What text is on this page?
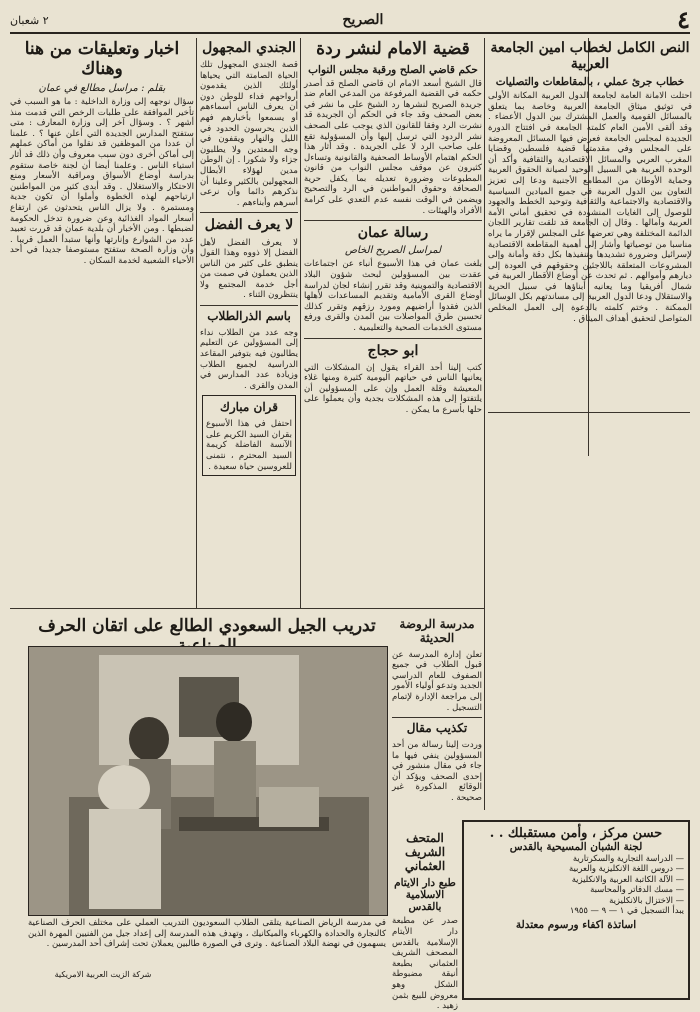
٤
الصريح
٢ شعبان
النص الكامل لخطاب امين الجامعة العربية
خطاب جرئ عملي ، بالمقاطعات والتصليات
احتلت الامانة العامة لجامعة الدول العربية المكانة الأولى في توثيق ميثاق الجامعة العربية وخاصة بما يتعلق بالمسائل القومية والعمل المشترك بين الدول الأعضاء . وقد ألقى الأمين العام كلمته الجامعة في افتتاح الدورة الجديدة لمجلس الجامعة فعرض فيها المسائل المعروضة على المجلس وفي مقدمتها قضية فلسطين وقضايا المغرب العربي والمسائل الاقتصادية والثقافية وأكد أن الوحدة العربية هي السبيل الوحيد لصيانة الحقوق العربية وحماية الأوطان من المطامع الأجنبية ودعا إلى تعزيز التعاون بين الدول العربية في جميع الميادين السياسية والاقتصادية والاجتماعية والثقافية وتوحيد الخطط والجهود للوصول إلى الغايات المنشودة في تحقيق أماني الأمة العربية وآمالها . وقال إن الجامعة قد تلقت تقارير اللجان الدائمة المختلفة وهي تعرضها على المجلس لإقرار ما يراه مناسبا من توصياتها وأشار إلى أهمية المقاطعة الاقتصادية لإسرائيل وضرورة تشديدها وتنفيذها بكل دقة وأمانة وإلى المشروعات المتعلقة باللاجئين وحقوقهم في العودة إلى ديارهم وأموالهم . ثم تحدث عن أوضاع الأقطار العربية في شمال أفريقيا وما يعانيه أبناؤها في سبيل الحرية والاستقلال ودعا الدول العربية إلى مساندتهم بكل الوسائل الممكنة . وختم كلمته بالدعوة إلى العمل المخلص المتواصل لتحقيق أهداف الميثاق .
قضية الامام لنشر ردة
حكم قاضي الصلح ورقبة مجلس النواب
قال الشيخ أسعد الامام ان قاضي الصلح قد أصدر حكمه في القضية المرفوعة من المدعي العام ضد جريدة الصريح لنشرها رد الشيخ على ما نشر في بعض الصحف وقد جاء في الحكم أن الجريدة قد نشرت الرد وفقا للقانون الذي يوجب على الصحف نشر الردود التي ترسل إليها وأن المسؤولية تقع على صاحب الرد لا على الجريدة . وقد أثار هذا الحكم اهتمام الأوساط الصحفية والقانونية وتساءل كثيرون عن موقف مجلس النواب من قانون المطبوعات وضرورة تعديله بما يكفل حرية الصحافة وحقوق المواطنين في الرد والتصحيح ويضمن في الوقت نفسه عدم التعدي على كرامة الأفراد والهيئات .
رسالة عمان
لمراسل الصريح الخاص
بلغت عمان في هذا الأسبوع أنباء عن اجتماعات عقدت بين المسؤولين لبحث شؤون البلاد الاقتصادية والتموينية وقد تقرر إنشاء لجان لدراسة أوضاع القرى الأمامية وتقديم المساعدات لأهلها الذين فقدوا أراضيهم ومورد رزقهم وتقرر كذلك تحسين طرق المواصلات بين المدن والقرى ورفع مستوى الخدمات الصحية والتعليمية .
ابو حجاج
كتب إلينا أحد القراء يقول إن المشكلات التي يعانيها الناس في حياتهم اليومية كثيرة ومنها غلاء المعيشة وقلة العمل وإن على المسؤولين أن يلتفتوا إلى هذه المشكلات بجدية وأن يعملوا على حلها بأسرع ما يمكن .
مدرسة الروضة الحديثة
تعلن إدارة المدرسة عن قبول الطلاب في جميع الصفوف للعام الدراسي الجديد وتدعو أولياء الأمور إلى مراجعة الإدارة لإتمام التسجيل .
تكذيب مقال
وردت إلينا رسالة من أحد المسؤولين ينفي فيها ما جاء في مقال منشور في إحدى الصحف ويؤكد أن الوقائع المذكورة غير صحيحة .
المتحف الشريف العثماني
طبع دار الايتام الاسلامية بالقدس
صدر عن مطبعة دار الأيتام الإسلامية بالقدس المصحف الشريف العثماني بطبعة أنيقة مضبوطة الشكل وهو معروض للبيع بثمن زهيد .
الجندي المجهول
قصة الجندي المجهول تلك الحياة الصامتة التي يحياها أولئك الذين يقدمون أرواحهم فداء للوطن دون أن يعرف الناس أسماءهم أو يسمعوا بأخبارهم فهم الذين يحرسون الحدود في الليل والنهار ويقفون في وجه المعتدين ولا يطلبون جزاء ولا شكورا . إن الوطن مدين لهؤلاء الأبطال المجهولين بالكثير وعلينا أن نذكرهم دائما وأن نرعى أسرهم وأبناءهم .
لا يعرف الفضل
لا يعرف الفضل لأهل الفضل إلا ذووه وهذا القول ينطبق على كثير من الناس الذين يعملون في صمت من أجل خدمة المجتمع ولا ينتظرون الثناء .
باسم الذرالطلاب
وجه عدد من الطلاب نداء إلى المسؤولين عن التعليم يطالبون فيه بتوفير المقاعد الدراسية لجميع الطلاب وزيادة عدد المدارس في المدن والقرى .
قران مبارك
احتفل في هذا الأسبوع بقران السيد الكريم على الآنسة الفاضلة كريمة السيد المحترم ، نتمنى للعروسين حياة سعيدة .
اخبار وتعليقات من هنا وهناك
بقلم : مراسل مطالع في عمان
سؤال نوجهه إلى وزارة الداخلية : ما هو السبب في تأخير الموافقة على طلبات الرخص التي قدمت منذ أشهر ؟ . وسؤال آخر إلى وزارة المعارف : متى ستفتح المدارس الجديدة التي أعلن عنها ؟ . علمنا أن عددا من الموظفين قد نقلوا من أماكن عملهم إلى أماكن أخرى دون سبب معروف وأن ذلك قد أثار استياء الناس . وعلمنا أيضا أن لجنة خاصة ستقوم بدراسة أوضاع الأسواق ومراقبة الأسعار ومنع الاحتكار والاستغلال . وقد أبدى كثير من المواطنين ارتياحهم لهذه الخطوة وأملوا أن تكون جدية ومستمرة . ولا يزال الناس يتحدثون عن ارتفاع أسعار المواد الغذائية وعن ضرورة تدخل الحكومة لضبطها . ومن الأخبار أن بلدية عمان قد قررت تعبيد عدد من الشوارع وإنارتها وأنها ستبدأ العمل قريبا . وأن وزارة الصحة ستفتح مستوصفا جديدا في أحد الأحياء الشعبية لخدمة السكان .
تدريب الجيل السعودي الطالع على اتقان الحرف
في مدرسة الرياض الصناعية يتلقى الطلاب السعوديون التدريب العملي على مختلف الحرف الصناعية كالنجارة والحدادة والكهرباء والميكانيك ، وتهدف هذه المدرسة إلى إعداد جيل من الفنيين المهرة الذين يسهمون في نهضة البلاد الصناعية . وترى في الصورة طالبين يعملان تحت إشراف أحد المدرسين .
شركة الزيت العربية الامريكية
حسن مركز ، وأمن مستقبلك . .
لجنة الشبان المسيحية بالقدس
— الدراسة التجارية والسكرتارية
— دروس اللغة الانكليزية والعربية
— الآلة الكاتبة العربية والانكليزية
— مسك الدفاتر والمحاسبة
— الاختزال بالانكليزية
يبدأ التسجيل في ١ — ٩ — ١٩٥٥
اساتذة اكفاء ورسوم معتدلة
